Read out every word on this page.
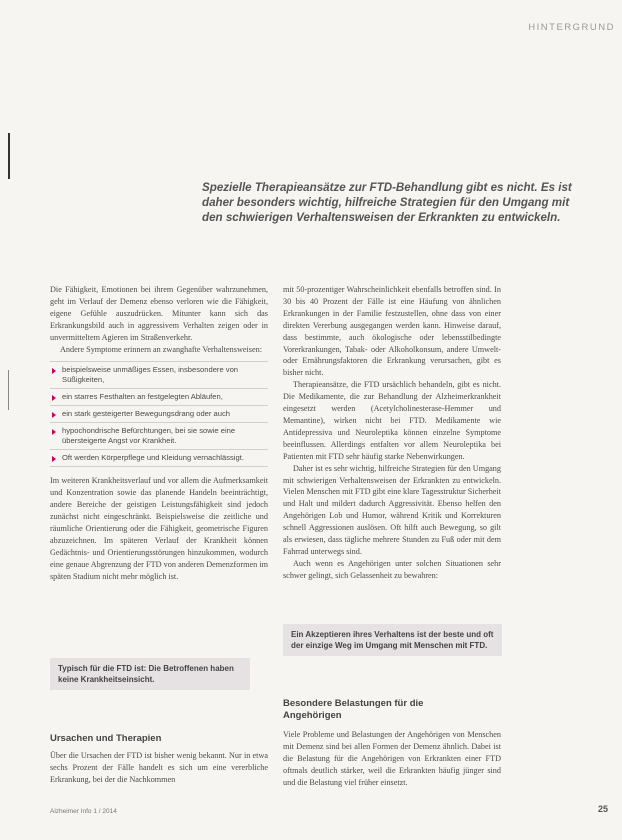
HINTERGRUND
Spezielle Therapieansätze zur FTD-Behandlung gibt es nicht. Es ist daher besonders wichtig, hilfreiche Strategien für den Umgang mit den schwierigen Verhaltensweisen der Erkrankten zu entwickeln.

Die Fähigkeit, Emotionen bei ihrem Gegenüber wahrzunehmen, geht im Verlauf der Demenz ebenso verloren wie die Fähigkeit, eigene Gefühle auszudrücken. Mitunter kann sich das Erkrankungsbild auch in aggressivem Verhalten zeigen oder in unvermitteltem Agieren im Straßenverkehr.

Andere Symptome erinnern an zwanghafte Verhaltensweisen:

beispielsweise unmäßiges Essen, insbesondere von Süßigkeiten,
ein starres Festhalten an festgelegten Abläufen,
ein stark gesteigerter Bewegungsdrang oder auch
hypochondrische Befürchtungen, bei sie sowie eine übersteigerte Angst vor Krankheit.
Oft werden Körperpflege und Kleidung vernachlässigt.

Im weiteren Krankheitsverlauf und vor allem die Aufmerksamkeit und Konzentration sowie das planende Handeln beeinträchtigt, andere Bereiche der geistigen Leistungsfähigkeit sind jedoch zunächst nicht eingeschränkt. Beispielsweise die zeitliche und räumliche Orientierung oder die Fähigkeit, geometrische Figuren abzuzeichnen. Im späteren Verlauf der Krankheit können Gedächtnis- und Orientierungsstörungen hinzukommen, wodurch eine genaue Abgrenzung der FTD von anderen Demenzformen im späten Stadium nicht mehr möglich ist.

Typisch für die FTD ist: Die Betroffenen haben keine Krankheitseinsicht.
Ursachen und Therapien
Über die Ursachen der FTD ist bisher wenig bekannt. Nur in etwa sechs Prozent der Fälle handelt es sich um eine vererbliche Erkrankung, bei der die Nachkommen

mit 50-prozentiger Wahrscheinlichkeit ebenfalls betroffen sind. In 30 bis 40 Prozent der Fälle ist eine Häufung von ähnlichen Erkrankungen in der Familie festzustellen, ohne dass von einer direkten Vererbung ausgegangen werden kann. Hinweise darauf, dass bestimmte, auch ökologische oder lebensstilbedingte Vorerkrankungen, Tabak- oder Alkoholkonsum, andere Umwelt- oder Ernährungsfaktoren die Erkrankung verursachen, gibt es bisher nicht.

Therapieansätze, die FTD ursächlich behandeln, gibt es nicht. Die Medikamente, die zur Behandlung der Alzheimerkrankheit eingesetzt werden (Acetylcholinesterase-Hemmer und Memantine), wirken nicht bei FTD. Medikamente wie Antidepressiva und Neuroleptika können einzelne Symptome beeinflussen. Allerdings entfalten vor allem Neuroleptika bei Patienten mit FTD sehr häufig starke Nebenwirkungen.

Daher ist es sehr wichtig, hilfreiche Strategien für den Umgang mit schwierigen Verhaltensweisen der Erkrankten zu entwickeln. Vielen Menschen mit FTD gibt eine klare Tagesstruktur Sicherheit und Halt und mildert dadurch Aggressivität. Ebenso helfen den Angehörigen Lob und Humor, während Kritik und Korrekturen schnell Aggressionen auslösen. Oft hilft auch Bewegung, so gilt als erwiesen, dass tägliche mehrere Stunden zu Fuß oder mit dem Fahrrad unterwegs sind.

Auch wenn es Angehörigen unter solchen Situationen sehr schwer gelingt, sich Gelassenheit zu bewahren:

Ein Akzeptieren ihres Verhaltens ist der beste und oft der einzige Weg im Umgang mit Menschen mit FTD.
Besondere Belastungen für die Angehörigen
Viele Probleme und Belastungen der Angehörigen von Menschen mit Demenz sind bei allen Formen der Demenz ähnlich. Dabei ist die Belastung für die Angehörigen von Erkrankten einer FTD oftmals deutlich stärker, weil die Erkrankten häufig jünger sind und die Belastung viel früher einsetzt.
Alzheimer Info 1 / 2014	25
